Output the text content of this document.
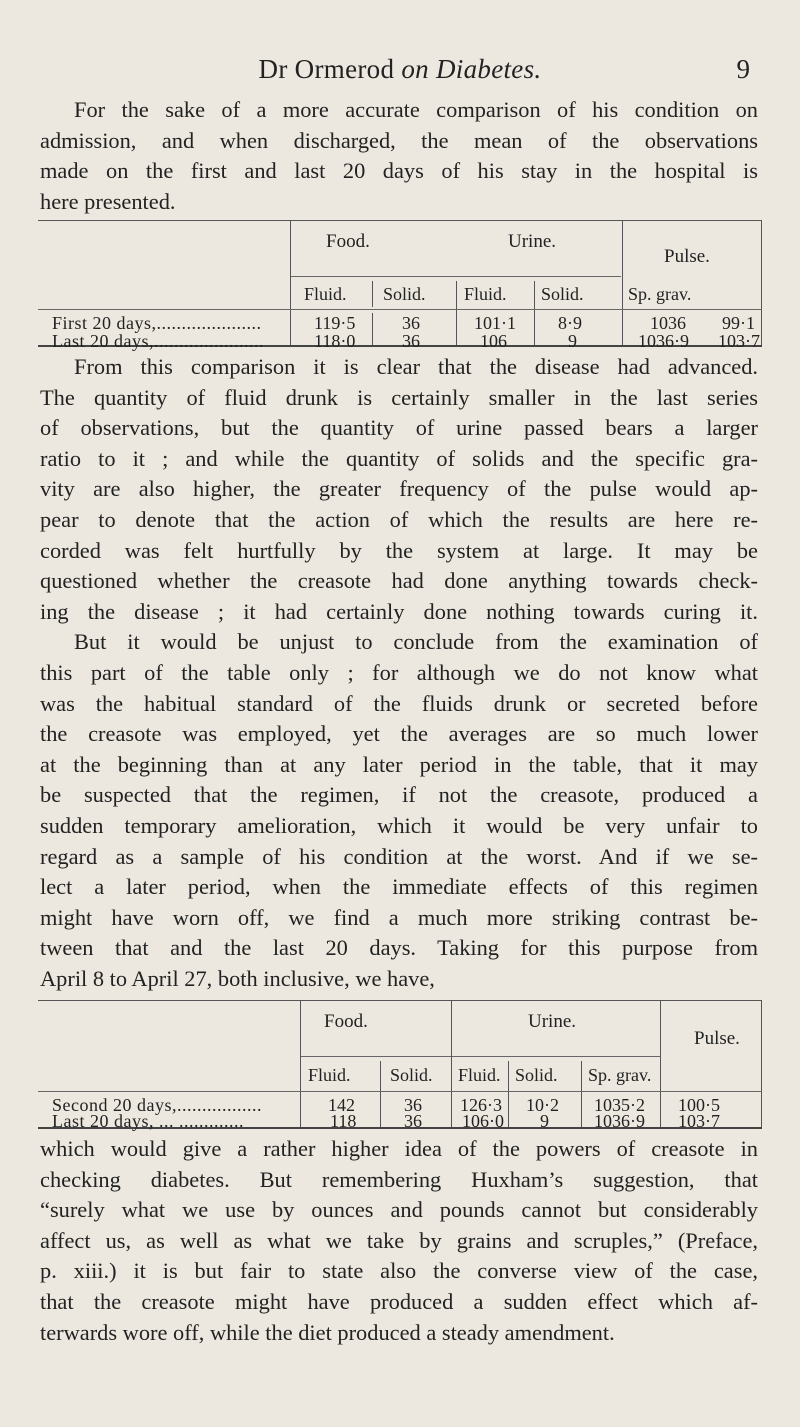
Dr Ormerod on Diabetes.	9
For the sake of a more accurate comparison of his condition on
admission, and when discharged, the mean of the observations
made on the first and last 20 days of his stay in the hospital is
here presented.
Food.	Urine.
Pulse.
Fluid. Solid. Fluid. Solid. Sp. grav.
First 20 days,.....................	119·5	36	101·1 8·9	1036 99·1
Last 20 days,......................	118·0	36	106	9	1036·9 103·7
From this comparison it is clear that the disease had advanced.
The quantity of fluid drunk is certainly smaller in the last series
of observations, but the quantity of urine passed bears a larger
ratio to it ; and while the quantity of solids and the specific gra-
vity are also higher, the greater frequency of the pulse would ap-
pear to denote that the action of which the results are here re-
corded was felt hurtfully by the system at large. It may be
questioned whether the creasote had done anything towards check-
ing the disease ; it had certainly done nothing towards curing it.
But it would be unjust to conclude from the examination of
this part of the table only ; for although we do not know what
was the habitual standard of the fluids drunk or secreted before
the creasote was employed, yet the averages are so much lower
at the beginning than at any later period in the table, that it may
be suspected that the regimen, if not the creasote, produced a
sudden temporary amelioration, which it would be very unfair to
regard as a sample of his condition at the worst. And if we se-
lect a later period, when the immediate effects of this regimen
might have worn off, we find a much more striking contrast be-
tween that and the last 20 days. Taking for this purpose from
April 8 to April 27, both inclusive, we have,
Food.	Urine.
Pulse.
Fluid. Solid. Fluid. Solid. Sp. grav.
Second 20 days,.................	142	36 126·3 10·2 1035·2 100·5
Last 20 days, ... .............	118	36 106·0 9	1036·9 103·7
which would give a rather higher idea of the powers of creasote in
checking diabetes. But remembering Huxham’s suggestion, that
“surely what we use by ounces and pounds cannot but considerably
affect us, as well as what we take by grains and scruples,” (Preface,
p. xiii.) it is but fair to state also the converse view of the case,
that the creasote might have produced a sudden effect which af-
terwards wore off, while the diet produced a steady amendment.
